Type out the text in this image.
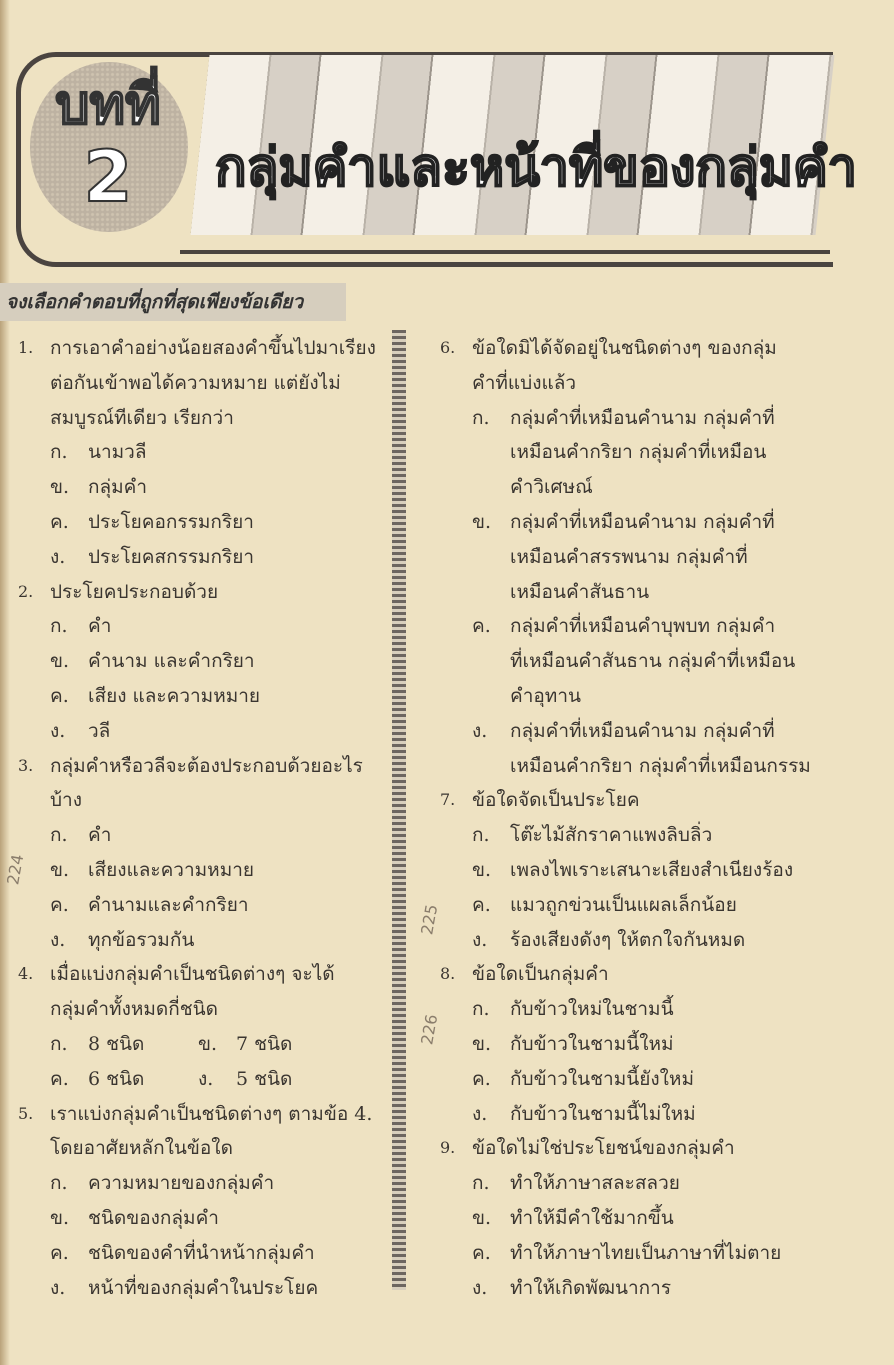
บทที่
2	กลุ่มคำและหน้าที่ของกลุ่มคำ
จงเลือกคำตอบที่ถูกที่สุดเพียงข้อเดียว
1. การเอาคำอย่างน้อยสองคำขึ้นไปมาเรียง
ต่อกันเข้าพอได้ความหมาย แต่ยังไม่
สมบูรณ์ทีเดียว เรียกว่า
ก. นามวลี
ข. กลุ่มคำ
ค. ประโยคอกรรมกริยา
ง. ประโยคสกรรมกริยา
2. ประโยคประกอบด้วย
ก. คำ
ข. คำนาม และคำกริยา
ค. เสียง และความหมาย
ง. วลี
3. กลุ่มคำหรือวลีจะต้องประกอบด้วยอะไร
บ้าง
ก. คำ
ข. เสียงและความหมาย
ค. คำนามและคำกริยา
ง. ทุกข้อรวมกัน
4. เมื่อแบ่งกลุ่มคำเป็นชนิดต่างๆ จะได้
กลุ่มคำทั้งหมดกี่ชนิด
ก. 8 ชนิด	ข. 7 ชนิด
ค. 6 ชนิด	ง. 5 ชนิด
5. เราแบ่งกลุ่มคำเป็นชนิดต่างๆ ตามข้อ 4.
โดยอาศัยหลักในข้อใด
ก. ความหมายของกลุ่มคำ
ข. ชนิดของกลุ่มคำ
ค. ชนิดของคำที่นำหน้ากลุ่มคำ
ง. หน้าที่ของกลุ่มคำในประโยค
6. ข้อใดมิได้จัดอยู่ในชนิดต่างๆ ของกลุ่ม
คำที่แบ่งแล้ว
ก. กลุ่มคำที่เหมือนคำนาม กลุ่มคำที่
เหมือนคำกริยา กลุ่มคำที่เหมือน
คำวิเศษณ์
ข. กลุ่มคำที่เหมือนคำนาม กลุ่มคำที่
เหมือนคำสรรพนาม กลุ่มคำที่
เหมือนคำสันธาน
ค. กลุ่มคำที่เหมือนคำบุพบท กลุ่มคำ
ที่เหมือนคำสันธาน กลุ่มคำที่เหมือน
คำอุทาน
ง. กลุ่มคำที่เหมือนคำนาม กลุ่มคำที่
เหมือนคำกริยา กลุ่มคำที่เหมือนกรรม
7. ข้อใดจัดเป็นประโยค
ก. โต๊ะไม้สักราคาแพงลิบลิ่ว
ข. เพลงไพเราะเสนาะเสียงสำเนียงร้อง
ค. แมวถูกข่วนเป็นแผลเล็กน้อย
ง. ร้องเสียงดังๆ ให้ตกใจกันหมด
8. ข้อใดเป็นกลุ่มคำ
ก. กับข้าวใหม่ในชามนี้
ข. กับข้าวในชามนี้ใหม่
ค. กับข้าวในชามนี้ยังใหม่
ง. กับข้าวในชามนี้ไม่ใหม่
9. ข้อใดไม่ใช่ประโยชน์ของกลุ่มคำ
ก. ทำให้ภาษาสละสลวย
ข. ทำให้มีคำใช้มากขึ้น
ค. ทำให้ภาษาไทยเป็นภาษาที่ไม่ตาย
ง. ทำให้เกิดพัฒนาการ
224
225
226
